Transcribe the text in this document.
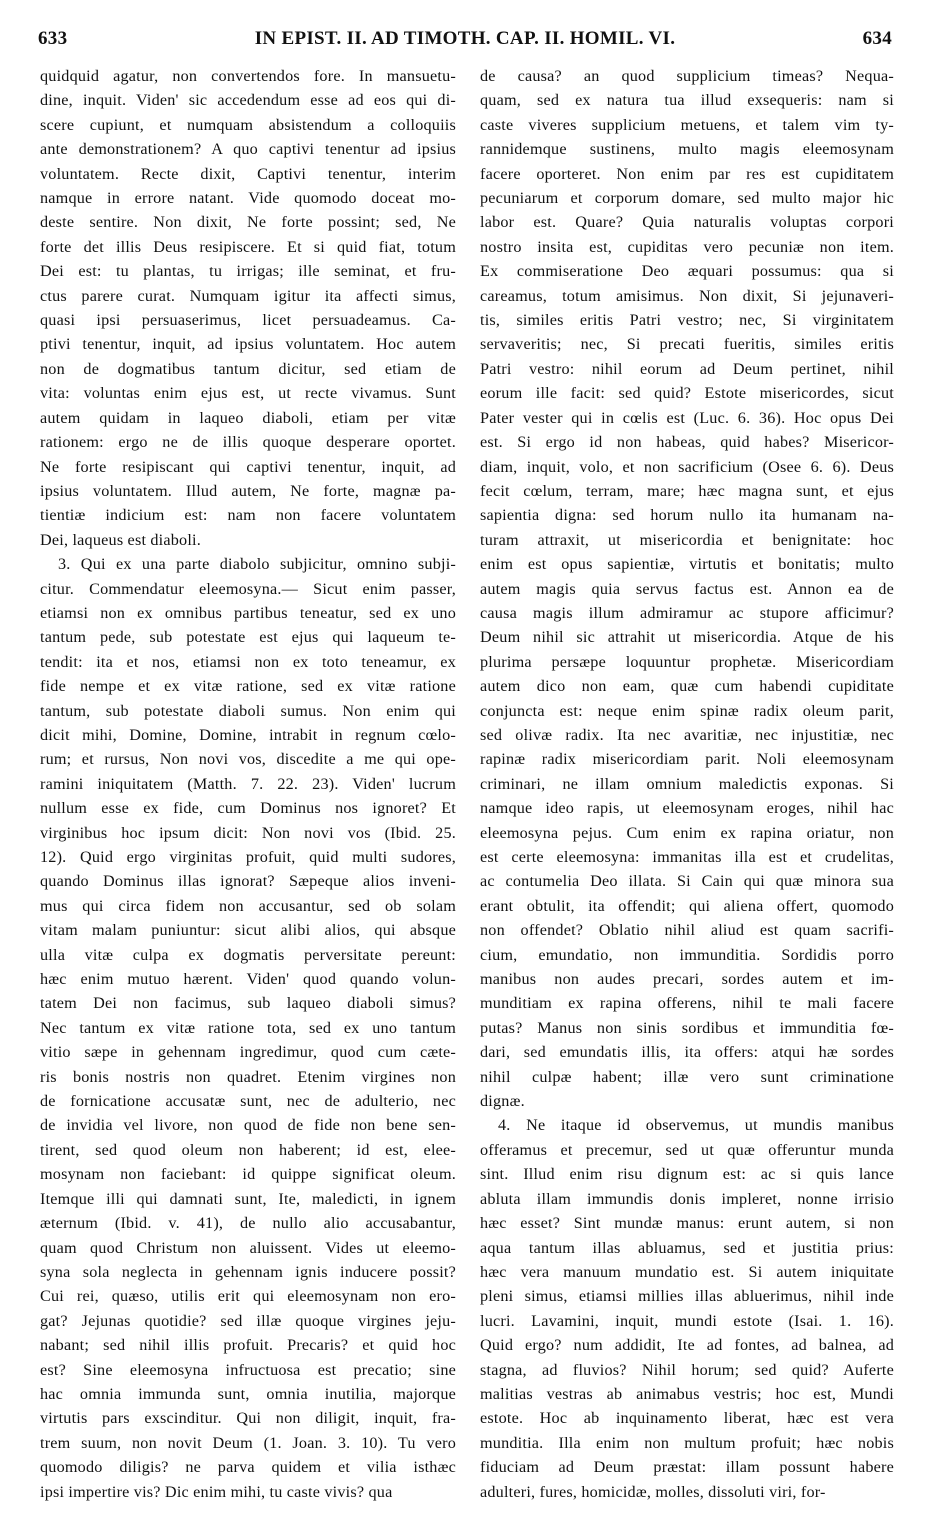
633	IN EPIST. II. AD TIMOTH. CAP. II. HOMIL. VI.	634
quidquid agatur, non convertendos fore. In mansuetu-
dine, inquit. Viden' sic accedendum esse ad eos qui di-
scere cupiunt, et numquam absistendum a colloquiis
ante demonstrationem? A quo captivi tenentur ad ipsius
voluntatem. Recte dixit, Captivi tenentur, interim
namque in errore natant. Vide quomodo doceat mo-
deste sentire. Non dixit, Ne forte possint; sed, Ne
forte det illis Deus resipiscere. Et si quid fiat, totum
Dei est: tu plantas, tu irrigas; ille seminat, et fru-
ctus parere curat. Numquam igitur ita affecti simus,
quasi ipsi persuaserimus, licet persuadeamus. Ca-
ptivi tenentur, inquit, ad ipsius voluntatem. Hoc autem
non de dogmatibus tantum dicitur, sed etiam de
vita: voluntas enim ejus est, ut recte vivamus. Sunt
autem quidam in laqueo diaboli, etiam per vitæ
rationem: ergo ne de illis quoque desperare oportet.
Ne forte resipiscant qui captivi tenentur, inquit, ad
ipsius voluntatem. Illud autem, Ne forte, magnæ pa-
tientiæ indicium est: nam non facere voluntatem
Dei, laqueus est diaboli.
3. Qui ex una parte diabolo subjicitur, omnino subji-
citur. Commendatur eleemosyna.— Sicut enim passer,
etiamsi non ex omnibus partibus teneatur, sed ex uno
tantum pede, sub potestate est ejus qui laqueum te-
tendit: ita et nos, etiamsi non ex toto teneamur, ex
fide nempe et ex vitæ ratione, sed ex vitæ ratione
tantum, sub potestate diaboli sumus. Non enim qui
dicit mihi, Domine, Domine, intrabit in regnum cœlo-
rum; et rursus, Non novi vos, discedite a me qui ope-
ramini iniquitatem (Matth. 7. 22. 23). Viden' lucrum
nullum esse ex fide, cum Dominus nos ignoret? Et
virginibus hoc ipsum dicit: Non novi vos (Ibid. 25.
12). Quid ergo virginitas profuit, quid multi sudores,
quando Dominus illas ignorat? Sæpeque alios inveni-
mus qui circa fidem non accusantur, sed ob solam
vitam malam puniuntur: sicut alibi alios, qui absque
ulla vitæ culpa ex dogmatis perversitate pereunt:
hæc enim mutuo hærent. Viden' quod quando volun-
tatem Dei non facimus, sub laqueo diaboli simus?
Nec tantum ex vitæ ratione tota, sed ex uno tantum
vitio sæpe in gehennam ingredimur, quod cum cæte-
ris bonis nostris non quadret. Etenim virgines non
de fornicatione accusatæ sunt, nec de adulterio, nec
de invidia vel livore, non quod de fide non bene sen-
tirent, sed quod oleum non haberent; id est, elee-
mosynam non faciebant: id quippe significat oleum.
Itemque illi qui damnati sunt, Ite, maledicti, in ignem
æternum (Ibid. v. 41), de nullo alio accusabantur,
quam quod Christum non aluissent. Vides ut eleemo-
syna sola neglecta in gehennam ignis inducere possit?
Cui rei, quæso, utilis erit qui eleemosynam non ero-
gat? Jejunas quotidie? sed illæ quoque virgines jeju-
nabant; sed nihil illis profuit. Precaris? et quid hoc
est? Sine eleemosyna infructuosa est precatio; sine
hac omnia immunda sunt, omnia inutilia, majorque
virtutis pars exscinditur. Qui non diligit, inquit, fra-
trem suum, non novit Deum (1. Joan. 3. 10). Tu vero
quomodo diligis? ne parva quidem et vilia isthæc
ipsi impertire vis? Dic enim mihi, tu caste vivis? qua
de causa? an quod supplicium timeas? Nequa-
quam, sed ex natura tua illud exsequeris: nam si
caste viveres supplicium metuens, et talem vim ty-
rannidemque sustinens, multo magis eleemosynam
facere oporteret. Non enim par res est cupiditatem
pecuniarum et corporum domare, sed multo major hic
labor est. Quare? Quia naturalis voluptas corpori
nostro insita est, cupiditas vero pecuniæ non item.
Ex commiseratione Deo æquari possumus: qua si
careamus, totum amisimus. Non dixit, Si jejunaveri-
tis, similes eritis Patri vestro; nec, Si virginitatem
servaveritis; nec, Si precati fueritis, similes eritis
Patri vestro: nihil eorum ad Deum pertinet, nihil
eorum ille facit: sed quid? Estote misericordes, sicut
Pater vester qui in cœlis est (Luc. 6. 36). Hoc opus Dei
est. Si ergo id non habeas, quid habes? Misericor-
diam, inquit, volo, et non sacrificium (Osee 6. 6). Deus
fecit cœlum, terram, mare; hæc magna sunt, et ejus
sapientia digna: sed horum nullo ita humanam na-
turam attraxit, ut misericordia et benignitate: hoc
enim est opus sapientiæ, virtutis et bonitatis; multo
autem magis quia servus factus est. Annon ea de
causa magis illum admiramur ac stupore afficimur?
Deum nihil sic attrahit ut misericordia. Atque de his
plurima persæpe loquuntur prophetæ. Misericordiam
autem dico non eam, quæ cum habendi cupiditate
conjuncta est: neque enim spinæ radix oleum parit,
sed olivæ radix. Ita nec avaritiæ, nec injustitiæ, nec
rapinæ radix misericordiam parit. Noli eleemosynam
criminari, ne illam omnium maledictis exponas. Si
namque ideo rapis, ut eleemosynam eroges, nihil hac
eleemosyna pejus. Cum enim ex rapina oriatur, non
est certe eleemosyna: immanitas illa est et crudelitas,
ac contumelia Deo illata. Si Cain qui quæ minora sua
erant obtulit, ita offendit; qui aliena offert, quomodo
non offendet? Oblatio nihil aliud est quam sacrifi-
cium, emundatio, non immunditia. Sordidis porro
manibus non audes precari, sordes autem et im-
munditiam ex rapina offerens, nihil te mali facere
putas? Manus non sinis sordibus et immunditia fœ-
dari, sed emundatis illis, ita offers: atqui hæ sordes
nihil culpæ habent; illæ vero sunt criminatione
dignæ.
4. Ne itaque id observemus, ut mundis manibus
offeramus et precemur, sed ut quæ offeruntur munda
sint. Illud enim risu dignum est: ac si quis lance
abluta illam immundis donis impleret, nonne irrisio
hæc esset? Sint mundæ manus: erunt autem, si non
aqua tantum illas abluamus, sed et justitia prius:
hæc vera manuum mundatio est. Si autem iniquitate
pleni simus, etiamsi millies illas abluerimus, nihil inde
lucri. Lavamini, inquit, mundi estote (Isai. 1. 16).
Quid ergo? num addidit, Ite ad fontes, ad balnea, ad
stagna, ad fluvios? Nihil horum; sed quid? Auferte
malitias vestras ab animabus vestris; hoc est, Mundi
estote. Hoc ab inquinamento liberat, hæc est vera
munditia. Illa enim non multum profuit; hæc nobis
fiduciam ad Deum præstat: illam possunt habere
adulteri, fures, homicidæ, molles, dissoluti viri, for-
